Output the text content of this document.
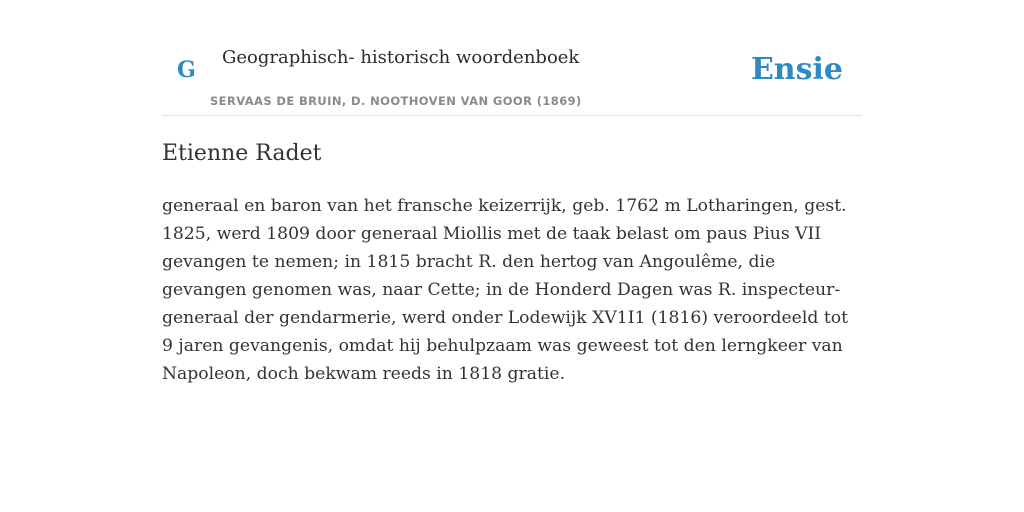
G Geographisch- historisch woordenboek
SERVAAS DE BRUIN, D. NOOTHOVEN VAN GOOR (1869)
Ensie
Etienne Radet

generaal en baron van het fransche keizerrijk, geb. 1762 m Lotharingen, gest. 1825, werd 1809 door generaal Miollis met de taak belast om paus Pius VII gevangen te nemen; in 1815 bracht R. den hertog van Angoulême, die gevangen genomen was, naar Cette; in de Honderd Dagen was R. inspecteur-generaal der gendarmerie, werd onder Lodewijk XV1I1 (1816) veroordeeld tot 9 jaren gevangenis, omdat hij behulpzaam was geweest tot den lerngkeer van Napoleon, doch bekwam reeds in 1818 gratie.
